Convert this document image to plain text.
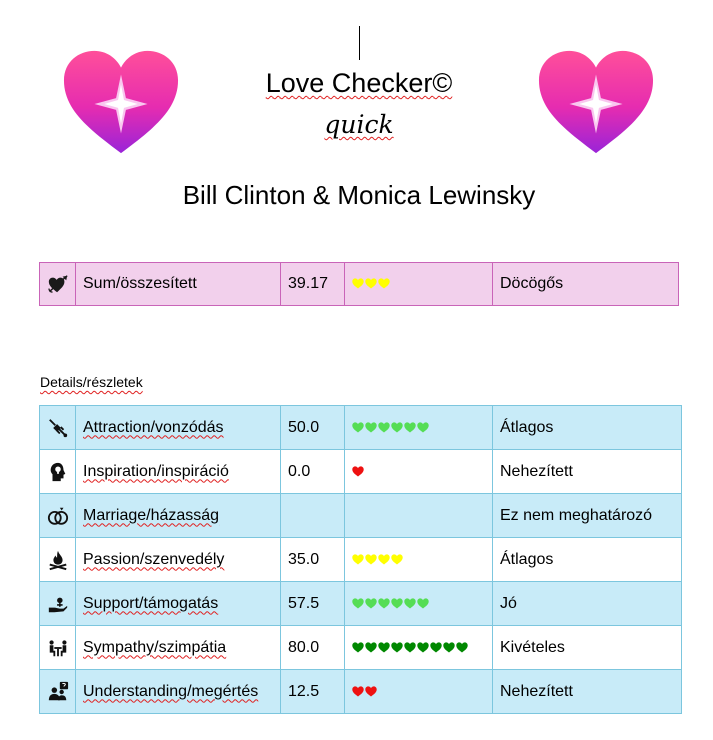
Love Checker©
quick
Bill Clinton & Monica Lewinsky
	Sum/összesített	39.17		Döcögős
Details/részletek
	Attraction/vonzódás	50.0		Átlagos
	Inspiration/inspiráció	0.0		Nehezített
	Marriage/házasság			Ez nem meghatározó
	Passion/szenvedély	35.0		Átlagos
	Support/támogatás	57.5		Jó
	Sympathy/szimpátia	80.0		Kivételes
	Understanding/megértés	12.5		Nehezített
